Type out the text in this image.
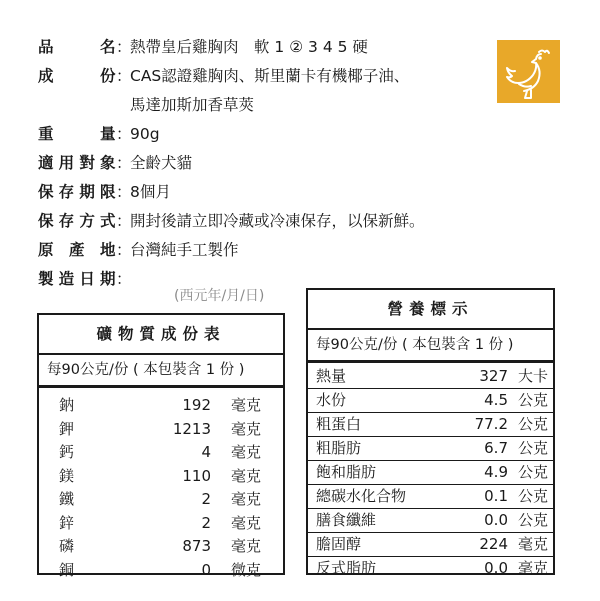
品	名 ：
熱帶皇后雞胸肉　軟 1 ② 3 4 5 硬
成	份 ：
CAS認證雞胸肉、斯里蘭卡有機椰子油、
馬達加斯加香草莢
重	量 ：
90g
適 用 對 象 ：
全齡犬貓
保 存 期 限 ：
8個月
保 存 方 式 ：
開封後請立即冷藏或冷凍保存，以保新鮮。
原 產 地 ：
台灣純手工製作
製 造 日 期 ：
(西元年/月/日)
礦物質成份表
每90公克/份 ( 本包裝含 1 份 )
鈉	192	毫克
鉀	1213	毫克
鈣	4	毫克
鎂	110	毫克
鐵	2	毫克
鋅	2	毫克
磷	873	毫克
銅	0	微克
營養標示
每90公克/份 ( 本包裝含 1 份 )
熱量	327 大卡
水份	4.5 公克
粗蛋白	77.2 公克
粗脂肪	6.7 公克
飽和脂肪	4.9 公克
總碳水化合物	0.1 公克
膳食纖維	0.0 公克
膽固醇	224 毫克
反式脂肪	0.0 毫克
